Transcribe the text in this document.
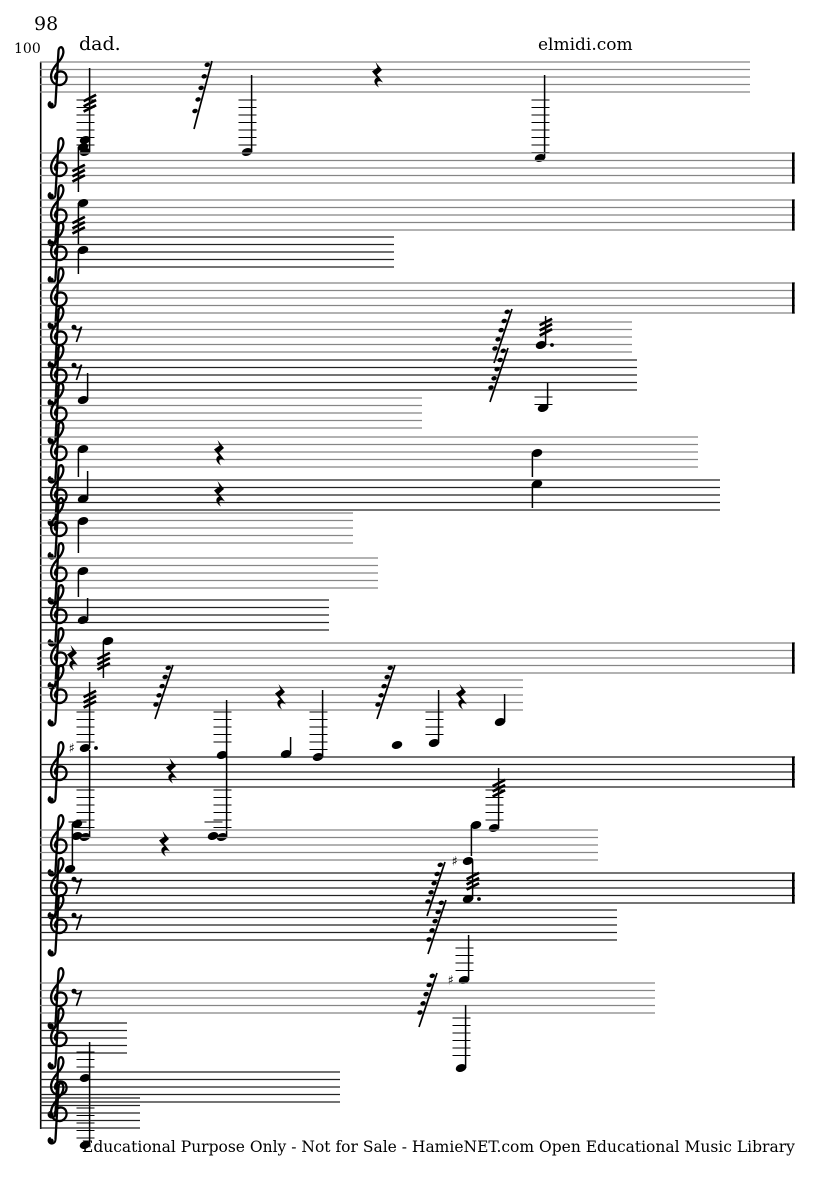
♯
♯
♯
98
100 dad.	elmidi.com
Educational Purpose Only - Not for Sale - HamieNET.com Open Educational Music Library
